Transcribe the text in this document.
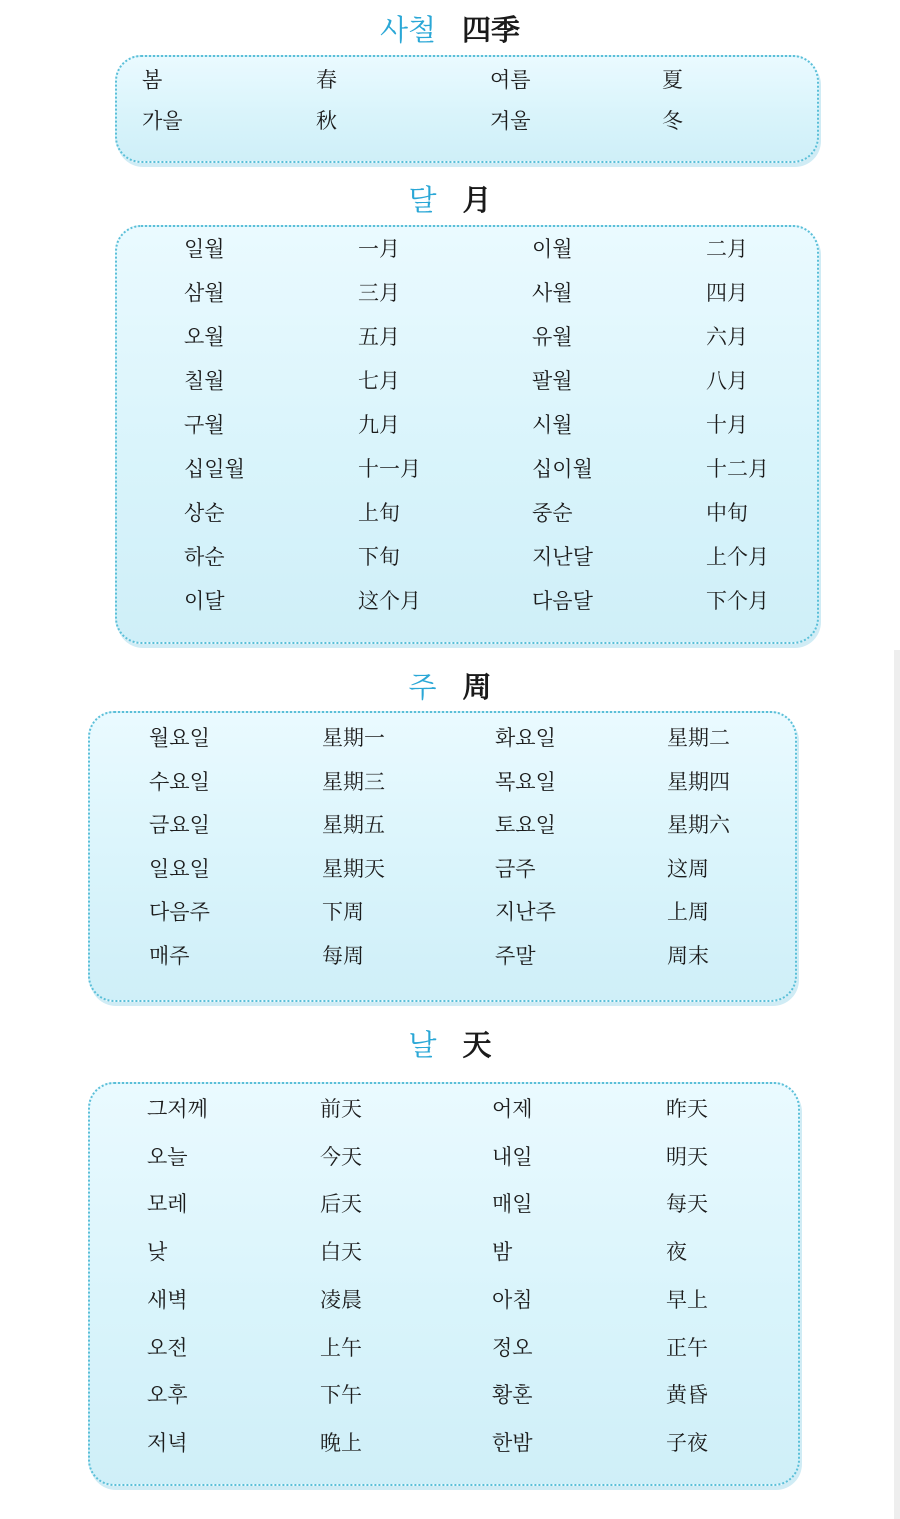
사철 四季
봄	春	여름	夏
가을	秋	겨울	冬
달 月
일월	一月	이월	二月
삼월	三月	사월	四月
오월	五月	유월	六月
칠월	七月	팔월	八月
구월	九月	시월	十月
십일월	十一月	십이월	十二月
상순	上旬	중순	中旬
하순	下旬	지난달	上个月
이달	这个月	다음달	下个月
주 周
월요일	星期一	화요일	星期二
수요일	星期三	목요일	星期四
금요일	星期五	토요일	星期六
일요일	星期天	금주	这周
다음주	下周	지난주	上周
매주	每周	주말	周末
날 天
그저께	前天	어제	昨天
오늘	今天	내일	明天
모레	后天	매일	每天
낮	白天	밤	夜
새벽	凌晨	아침	早上
오전	上午	정오	正午
오후	下午	황혼	黄昏
저녁	晚上	한밤	子夜
